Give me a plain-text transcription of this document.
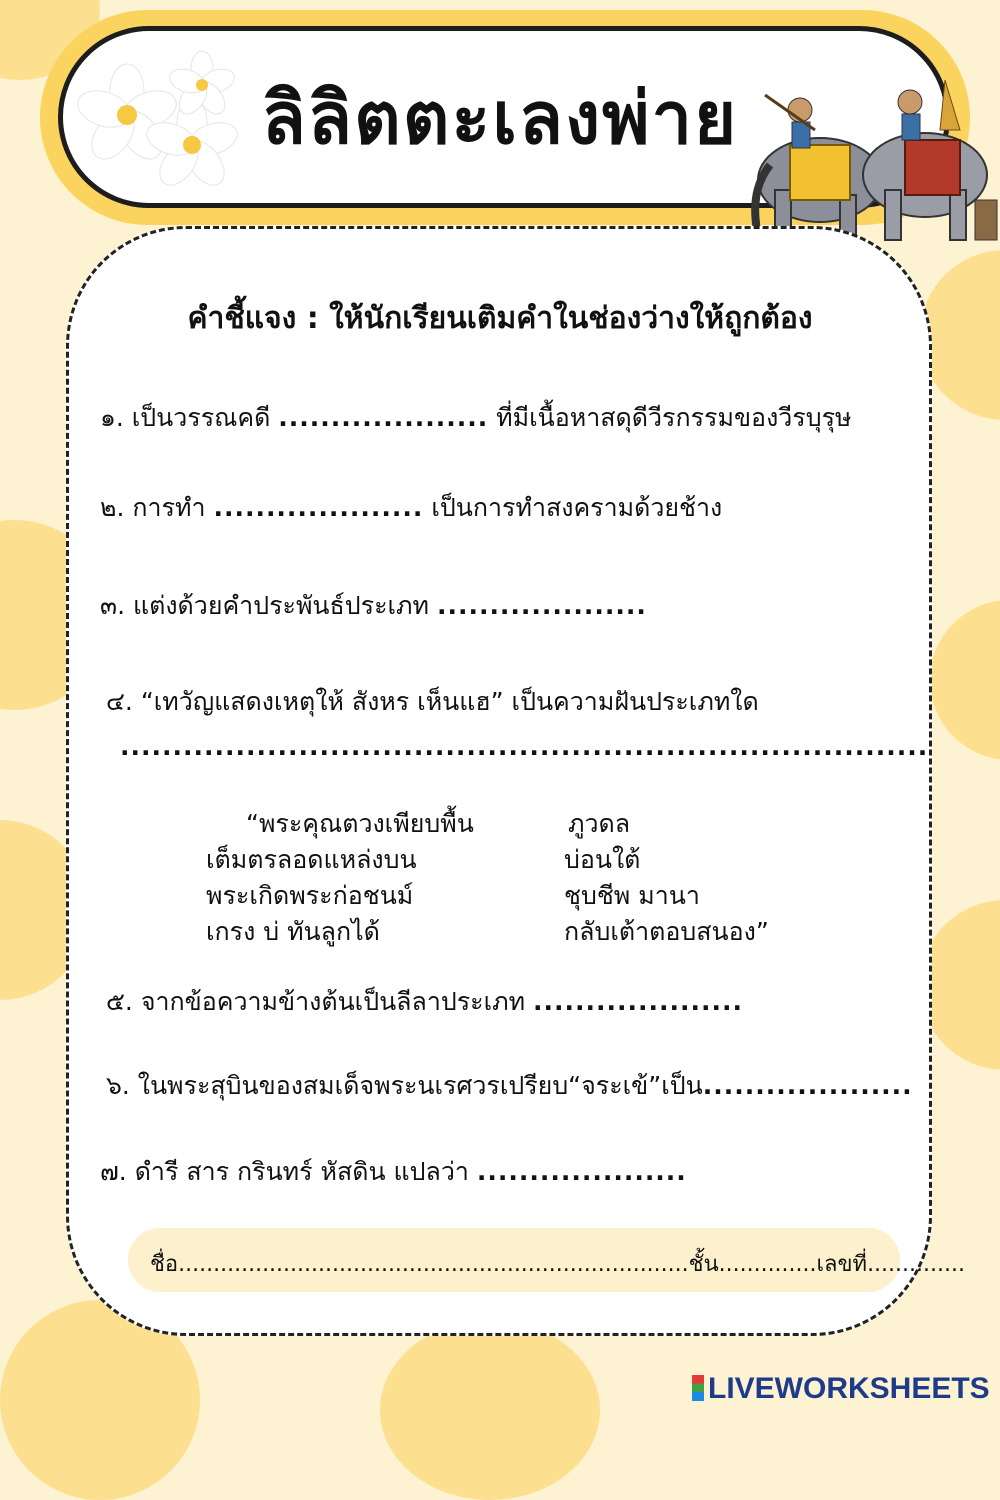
ลิลิตตะเลงพ่าย
คำชี้แจง : ให้นักเรียนเติมคำในช่องว่างให้ถูกต้อง
๑. เป็นวรรณคดี .................... ที่มีเนื้อหาสดุดีวีรกรรมของวีรบุรุษ
๒. การทำ .................... เป็นการทำสงครามด้วยช้าง
๓. แต่งด้วยคำประพันธ์ประเภท ....................
๔. “เทวัญแสดงเหตุให้ สังหร เห็นแฮ” เป็นความฝันประเภทใด
.............................................................................
“พระคุณตวงเพียบพื้น	ภูวดล
เต็มตรลอดแหล่งบน	บ่อนใต้
พระเกิดพระก่อชนม์	ชุบชีพ มานา
เกรง บ่ ทันลูกได้	กลับเต้าตอบสนอง”
๕. จากข้อความข้างต้นเป็นลีลาประเภท ....................
๖. ในพระสุบินของสมเด็จพระนเรศวรเปรียบ“จระเข้”เป็น....................
๗. ดำรี สาร กรินทร์ หัสดิน แปลว่า ....................
ชื่อ.........................................................................ชั้น..............เลขที่..............
LIVEWORKSHEETS
